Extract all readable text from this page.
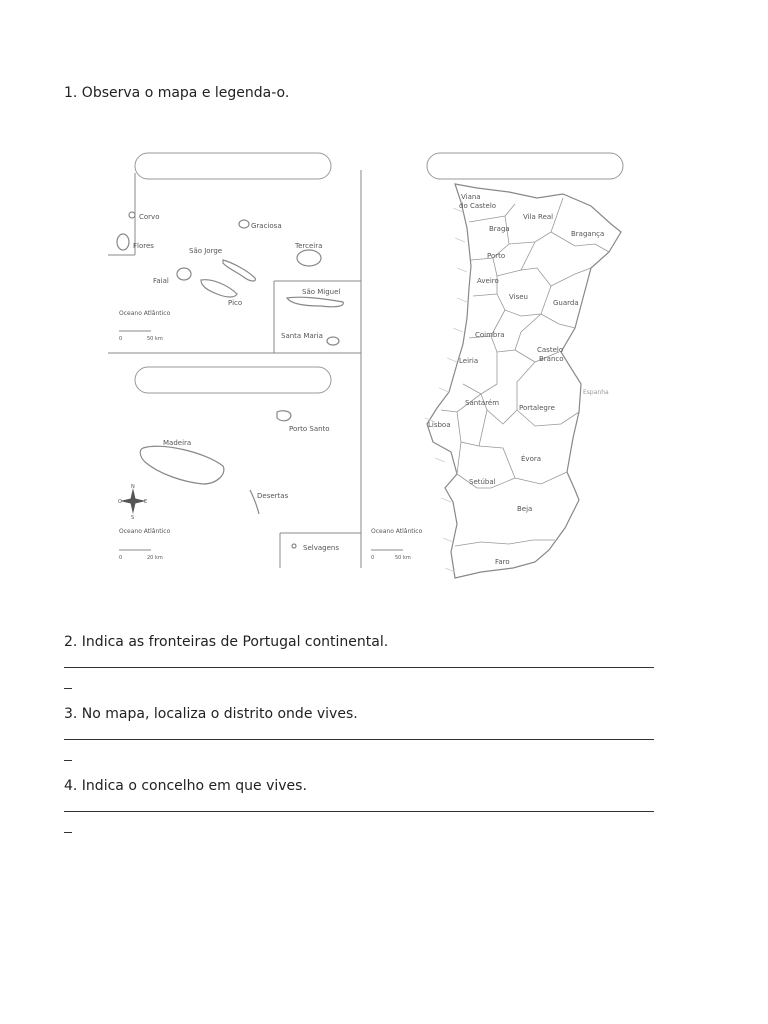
1. Observa o mapa e legenda-o.
Corvo
Flores
Graciosa
São Jorge
Terceira
Faial
Pico
São Miguel
Santa Maria
Oceano Atlântico
0	50 km
Madeira
Porto Santo
Desertas
Selvagens
N
S
E
O
Oceano Atlântico
0	20 km
Viana
do Castelo
Braga
Vila Real
Bragança
Porto
Aveiro
Viseu
Guarda
Coimbra
Castelo
Branco
Leiria
Santarém
Portalegre
Lisboa
Évora
Setúbal
Beja
Faro
Espanha
Oceano Atlântico
0	50 km
2. Indica as fronteiras de Portugal continental.
3. No mapa, localiza o distrito onde vives.
4. Indica o concelho em que vives.
